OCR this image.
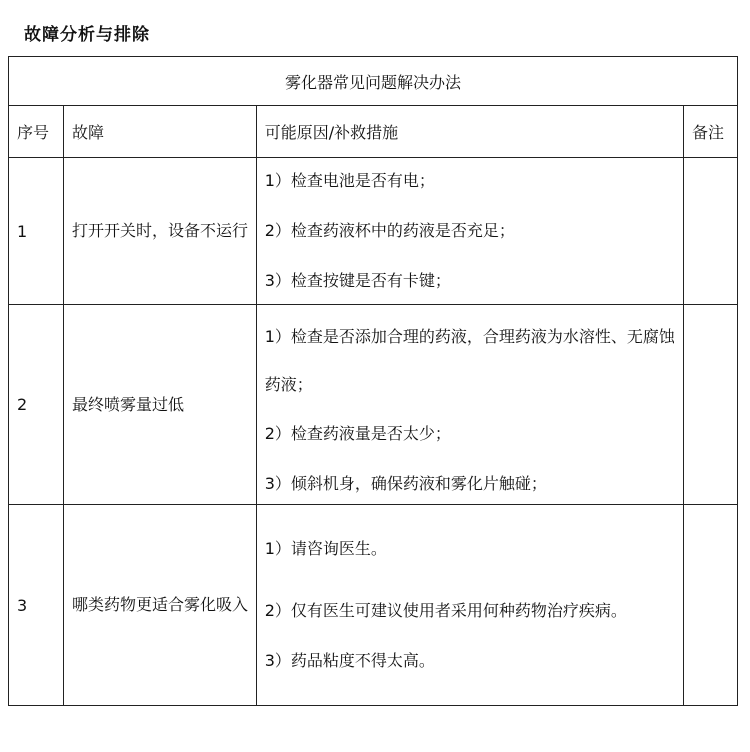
故障分析与排除
雾化器常见问题解决办法			
序号	故障	可能原因/补救措施	备注
1	打开开关时，设备不运行	1）检查电池是否有电；

2）检查药液杯中的药液是否充足；

3）检查按键是否有卡键；	

2	最终喷雾量过低	1）检查是否添加合理的药液，合理药液为水溶性、无腐蚀药液；

2）检查药液量是否太少；

3）倾斜机身，确保药液和雾化片触碰；	

3	哪类药物更适合雾化吸入	1）请咨询医生。

2）仅有医生可建议使用者采用何种药物治疗疾病。

3）药品粘度不得太高。	
